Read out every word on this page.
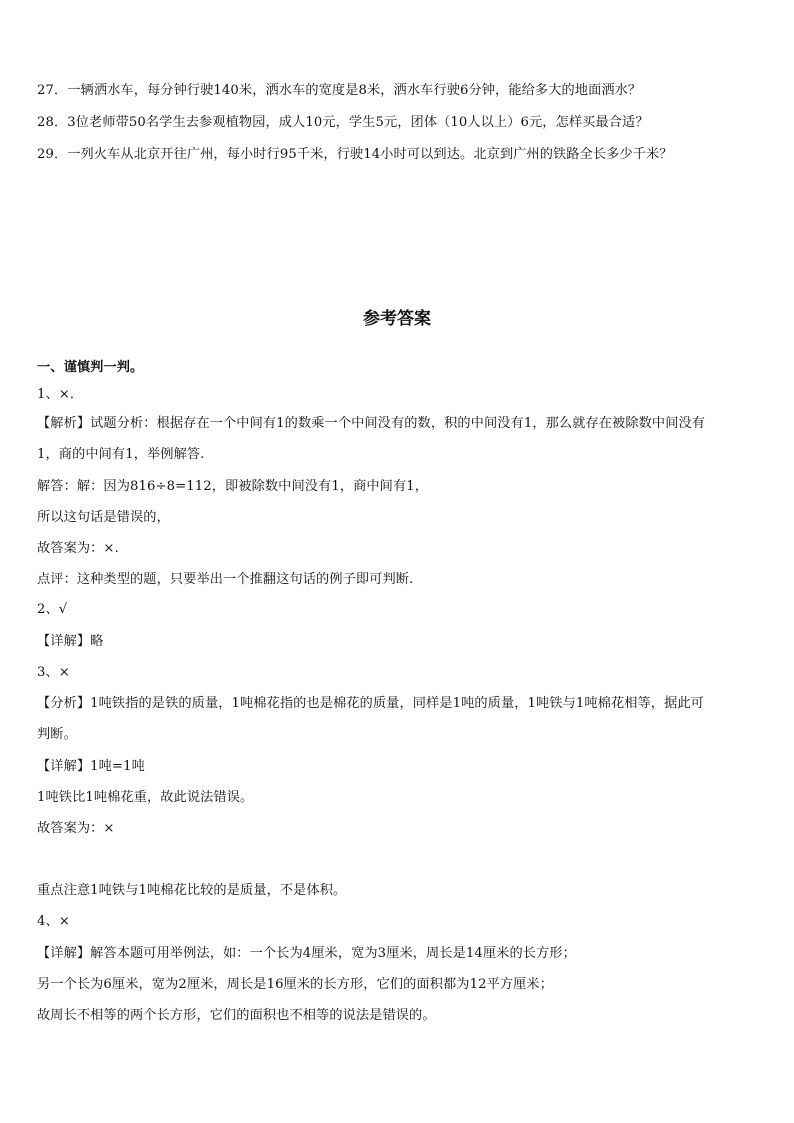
27．一辆洒水车，每分钟行驶140米，洒水车的宽度是8米，洒水车行驶6分钟，能给多大的地面洒水？
28．3位老师带50名学生去参观植物园，成人10元，学生5元，团体（10人以上）6元，怎样买最合适？
29．一列火车从北京开往广州，每小时行95千米，行驶14小时可以到达。北京到广州的铁路全长多少千米？
参考答案
一、谨慎判一判。
1、×．
【解析】试题分析：根据存在一个中间有1的数乘一个中间没有的数，积的中间没有1，那么就存在被除数中间没有
1，商的中间有1，举例解答.
解答：解：因为816÷8=112，即被除数中间没有1，商中间有1，
所以这句话是错误的，
故答案为：×.
点评：这种类型的题，只要举出一个推翻这句话的例子即可判断.
2、√
【详解】略
3、×
【分析】1吨铁指的是铁的质量，1吨棉花指的也是棉花的质量，同样是1吨的质量，1吨铁与1吨棉花相等，据此可
判断。
【详解】1吨=1吨
1吨铁比1吨棉花重，故此说法错误。
故答案为：×
重点注意1吨铁与1吨棉花比较的是质量，不是体积。
4、×
【详解】解答本题可用举例法，如：一个长为4厘米，宽为3厘米，周长是14厘米的长方形；
另一个长为6厘米，宽为2厘米，周长是16厘米的长方形，它们的面积都为12平方厘米；
故周长不相等的两个长方形，它们的面积也不相等的说法是错误的。
